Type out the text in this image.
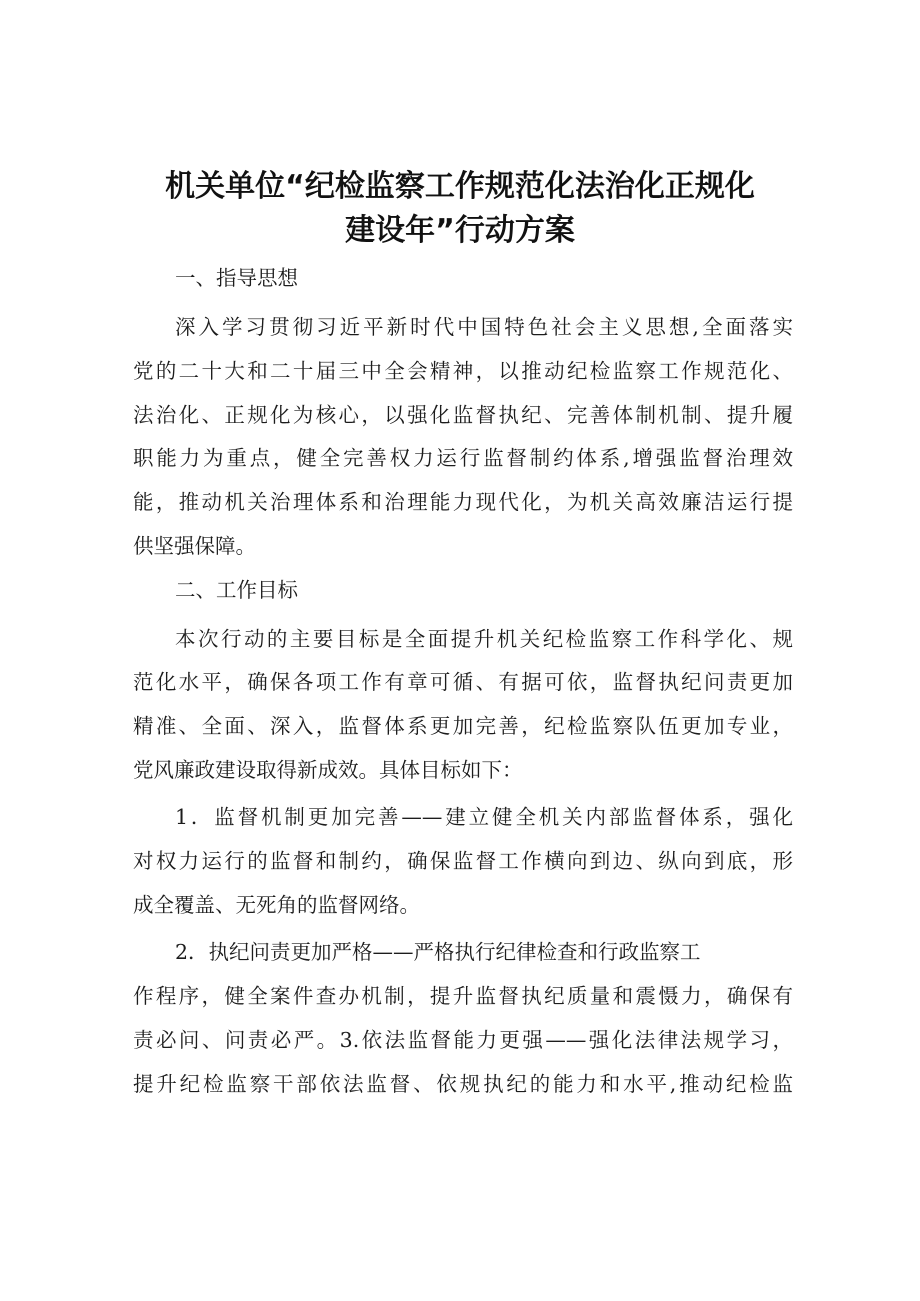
机关单位“纪检监察工作规范化法治化正规化
建设年”行动方案
一、指导思想
深入学习贯彻习近平新时代中国特色社会主义思想,全面落实
党的二十大和二十届三中全会精神，以推动纪检监察工作规范化、
法治化、正规化为核心，以强化监督执纪、完善体制机制、提升履
职能力为重点，健全完善权力运行监督制约体系,增强监督治理效
能，推动机关治理体系和治理能力现代化，为机关高效廉洁运行提
供坚强保障。
二、工作目标
本次行动的主要目标是全面提升机关纪检监察工作科学化、规
范化水平，确保各项工作有章可循、有据可依，监督执纪问责更加
精准、全面、深入，监督体系更加完善，纪检监察队伍更加专业，
党风廉政建设取得新成效。具体目标如下：
1．监督机制更加完善——建立健全机关内部监督体系，强化
对权力运行的监督和制约，确保监督工作横向到边、纵向到底，形
成全覆盖、无死角的监督网络。
2．执纪问责更加严格——严格执行纪律检查和行政监察工
作程序，健全案件查办机制，提升监督执纪质量和震慑力，确保有
责必问、问责必严。3.依法监督能力更强——强化法律法规学习，
提升纪检监察干部依法监督、依规执纪的能力和水平,推动纪检监
